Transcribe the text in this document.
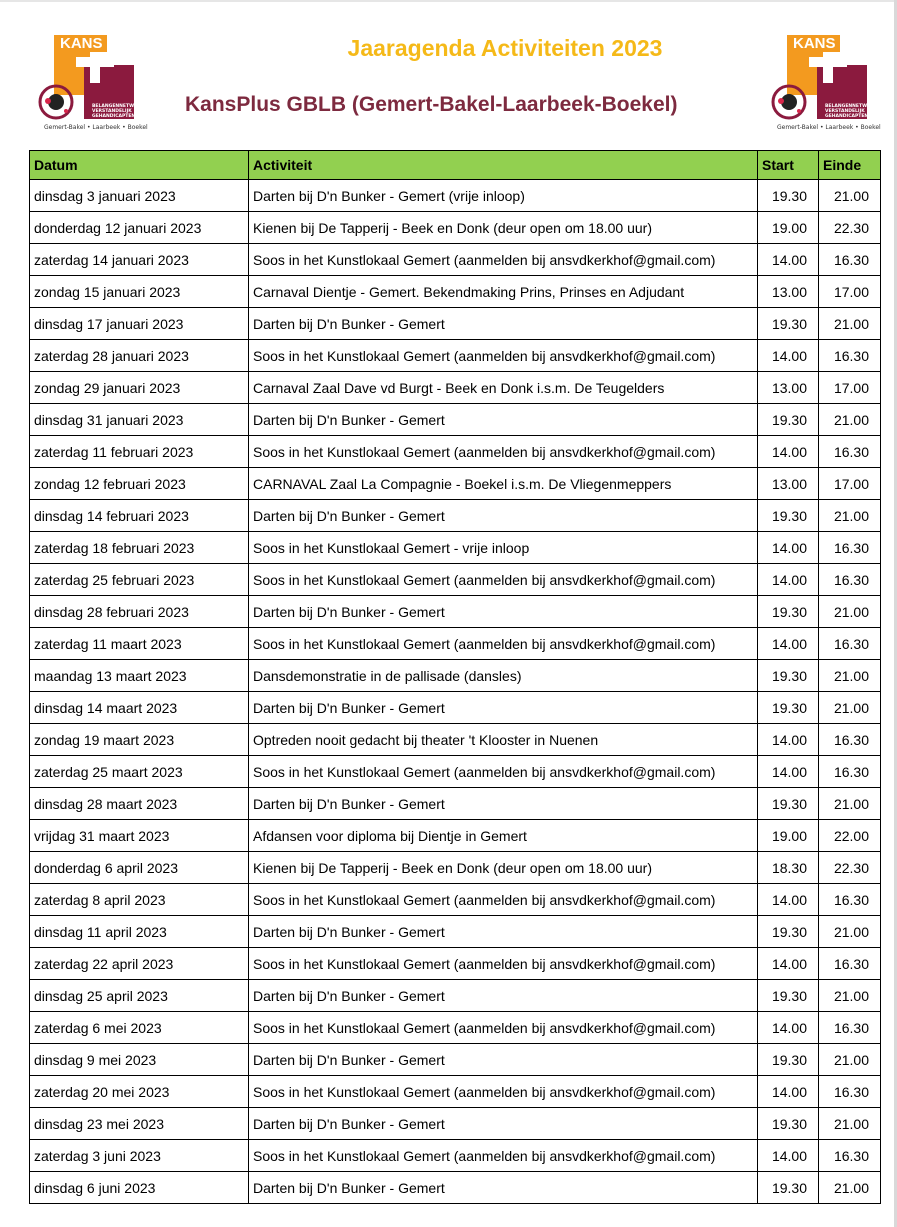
BELANGENNETWERK
VERSTANDELIJK
GEHANDICAPTEN
KANS
Gemert-Bakel • Laarbeek • Boekel
BELANGENNETWERK
VERSTANDELIJK
GEHANDICAPTEN
KANS
Gemert-Bakel • Laarbeek • Boekel
Jaaragenda Activiteiten 2023
KansPlus GBLB (Gemert-Bakel-Laarbeek-Boekel)
Datum	Activiteit	Start	Einde
dinsdag 3 januari 2023	Darten bij D'n Bunker - Gemert (vrije inloop)	19.30	21.00
donderdag 12 januari 2023	Kienen bij De Tapperij - Beek en Donk (deur open om 18.00 uur)	19.00	22.30
zaterdag 14 januari 2023	Soos in het Kunstlokaal Gemert (aanmelden bij ansvdkerkhof@gmail.com)	14.00	16.30
zondag 15 januari 2023	Carnaval Dientje - Gemert. Bekendmaking Prins, Prinses en Adjudant	13.00	17.00
dinsdag 17 januari 2023	Darten bij D'n Bunker - Gemert	19.30	21.00
zaterdag 28 januari 2023	Soos in het Kunstlokaal Gemert (aanmelden bij ansvdkerkhof@gmail.com)	14.00	16.30
zondag 29 januari 2023	Carnaval Zaal Dave vd Burgt - Beek en Donk i.s.m. De Teugelders	13.00	17.00
dinsdag 31 januari 2023	Darten bij D'n Bunker - Gemert	19.30	21.00
zaterdag 11 februari 2023	Soos in het Kunstlokaal Gemert (aanmelden bij ansvdkerkhof@gmail.com)	14.00	16.30
zondag 12 februari 2023	CARNAVAL Zaal La Compagnie - Boekel i.s.m. De Vliegenmeppers	13.00	17.00
dinsdag 14 februari 2023	Darten bij D'n Bunker - Gemert	19.30	21.00
zaterdag 18 februari 2023	Soos in het Kunstlokaal Gemert - vrije inloop	14.00	16.30
zaterdag 25 februari 2023	Soos in het Kunstlokaal Gemert (aanmelden bij ansvdkerkhof@gmail.com)	14.00	16.30
dinsdag 28 februari 2023	Darten bij D'n Bunker - Gemert	19.30	21.00
zaterdag 11 maart 2023	Soos in het Kunstlokaal Gemert (aanmelden bij ansvdkerkhof@gmail.com)	14.00	16.30
maandag 13 maart 2023	Dansdemonstratie in de pallisade (dansles)	19.30	21.00
dinsdag 14 maart 2023	Darten bij D'n Bunker - Gemert	19.30	21.00
zondag 19 maart 2023	Optreden nooit gedacht bij theater 't Klooster in Nuenen	14.00	16.30
zaterdag 25 maart 2023	Soos in het Kunstlokaal Gemert (aanmelden bij ansvdkerkhof@gmail.com)	14.00	16.30
dinsdag 28 maart 2023	Darten bij D'n Bunker - Gemert	19.30	21.00
vrijdag 31 maart 2023	Afdansen voor diploma bij Dientje in Gemert	19.00	22.00
donderdag 6 april 2023	Kienen bij De Tapperij - Beek en Donk (deur open om 18.00 uur)	18.30	22.30
zaterdag 8 april 2023	Soos in het Kunstlokaal Gemert (aanmelden bij ansvdkerkhof@gmail.com)	14.00	16.30
dinsdag 11 april 2023	Darten bij D'n Bunker - Gemert	19.30	21.00
zaterdag 22 april 2023	Soos in het Kunstlokaal Gemert (aanmelden bij ansvdkerkhof@gmail.com)	14.00	16.30
dinsdag 25 april 2023	Darten bij D'n Bunker - Gemert	19.30	21.00
zaterdag 6 mei 2023	Soos in het Kunstlokaal Gemert (aanmelden bij ansvdkerkhof@gmail.com)	14.00	16.30
dinsdag 9 mei 2023	Darten bij D'n Bunker - Gemert	19.30	21.00
zaterdag 20 mei 2023	Soos in het Kunstlokaal Gemert (aanmelden bij ansvdkerkhof@gmail.com)	14.00	16.30
dinsdag 23 mei 2023	Darten bij D'n Bunker - Gemert	19.30	21.00
zaterdag 3 juni 2023	Soos in het Kunstlokaal Gemert (aanmelden bij ansvdkerkhof@gmail.com)	14.00	16.30
dinsdag 6 juni 2023	Darten bij D'n Bunker - Gemert	19.30	21.00
